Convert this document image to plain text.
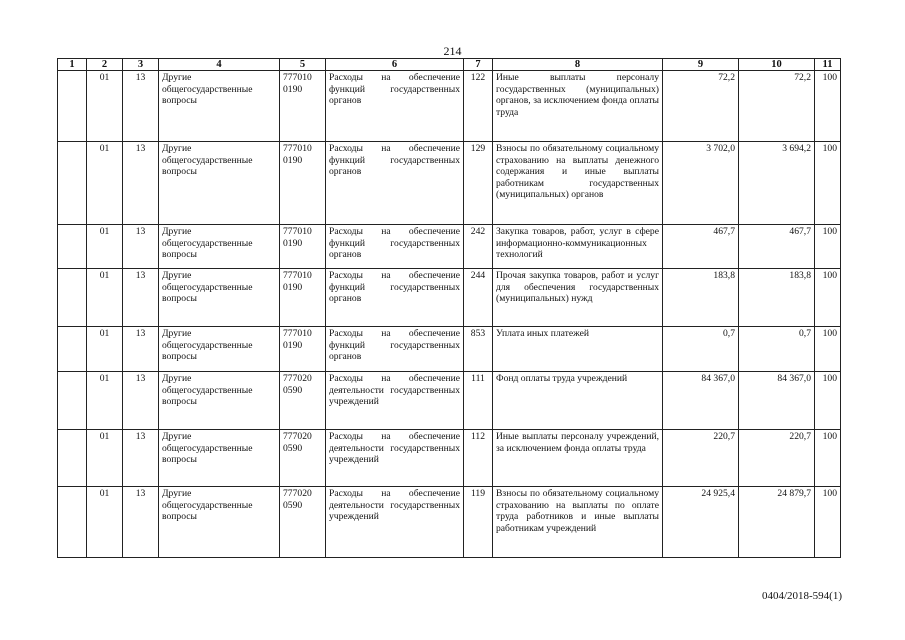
214
1	2	3	4	5	6	7	8	9	10	11
	01	13	Другие общегосударственные вопросы	777010 0190	Расходы на обеспечение функций государственных органов	122	Иные выплаты персоналу государственных (муниципальных) органов, за исключением фонда оплаты труда	72,2	72,2	100
	01	13	Другие общегосударственные вопросы	777010 0190	Расходы на обеспечение функций государственных органов	129	Взносы по обязательному социальному страхованию на выплаты денежного содержания и иные выплаты работникам государственных (муниципальных) органов	3 702,0	3 694,2	100
	01	13	Другие общегосударственные вопросы	777010 0190	Расходы на обеспечение функций государственных органов	242	Закупка товаров, работ, услуг в сфере информационно-коммуникационных технологий	467,7	467,7	100
	01	13	Другие общегосударственные вопросы	777010 0190	Расходы на обеспечение функций государственных органов	244	Прочая закупка товаров, работ и услуг для обеспечения государственных (муниципальных) нужд	183,8	183,8	100
	01	13	Другие общегосударственные вопросы	777010 0190	Расходы на обеспечение функций государственных органов	853	Уплата иных платежей	0,7	0,7	100
	01	13	Другие общегосударственные вопросы	777020 0590	Расходы на обеспечение деятельности государственных учреждений	111	Фонд оплаты труда учреждений	84 367,0	84 367,0	100
	01	13	Другие общегосударственные вопросы	777020 0590	Расходы на обеспечение деятельности государственных учреждений	112	Иные выплаты персоналу учреждений, за исключением фонда оплаты труда	220,7	220,7	100
	01	13	Другие общегосударственные вопросы	777020 0590	Расходы на обеспечение деятельности государственных учреждений	119	Взносы по обязательному социальному страхованию на выплаты по оплате труда работников и иные выплаты работникам учреждений	24 925,4	24 879,7	100
0404/2018-594(1)
